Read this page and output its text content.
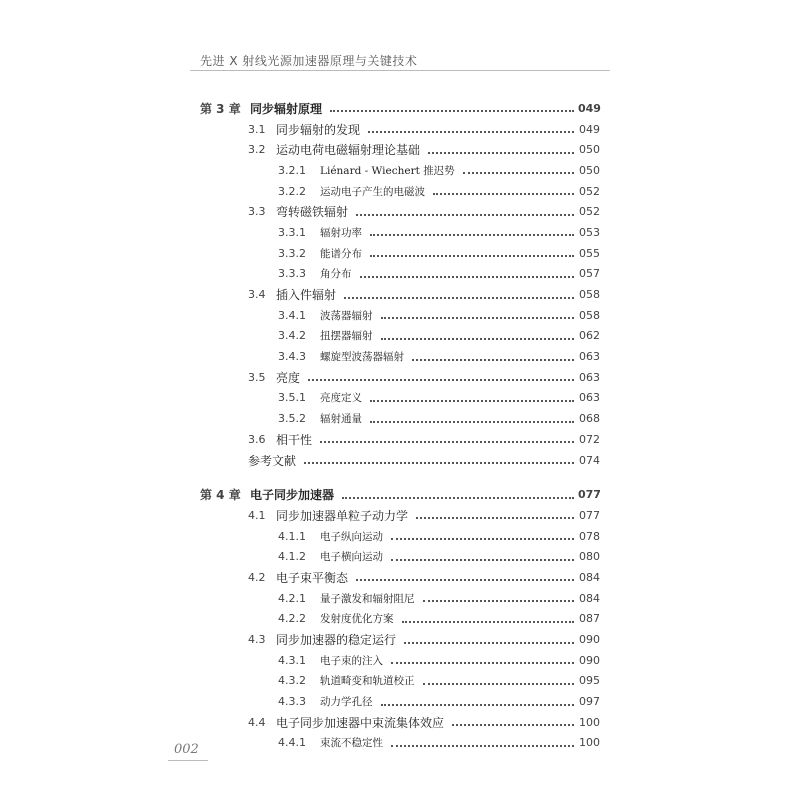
先进 X 射线光源加速器原理与关键技术
第 3 章 同步辐射原理	049
3.1 同步辐射的发现	049
3.2 运动电荷电磁辐射理论基础	050
3.2.1	Liénard - Wiechert 推迟势	050
3.2.2	运动电子产生的电磁波	052
3.3 弯转磁铁辐射	052
3.3.1	辐射功率	053
3.3.2	能谱分布	055
3.3.3	角分布	057
3.4 插入件辐射	058
3.4.1	波荡器辐射	058
3.4.2	扭摆器辐射	062
3.4.3	螺旋型波荡器辐射	063
3.5 亮度	063
3.5.1	亮度定义	063
3.5.2	辐射通量	068
3.6 相干性	072
参考文献	074
第 4 章 电子同步加速器	077
4.1 同步加速器单粒子动力学	077
4.1.1	电子纵向运动	078
4.1.2	电子横向运动	080
4.2 电子束平衡态	084
4.2.1	量子激发和辐射阻尼	084
4.2.2	发射度优化方案	087
4.3 同步加速器的稳定运行	090
4.3.1	电子束的注入	090
4.3.2	轨道畸变和轨道校正	095
4.3.3	动力学孔径	097
4.4 电子同步加速器中束流集体效应	100
4.4.1	束流不稳定性	100
002
